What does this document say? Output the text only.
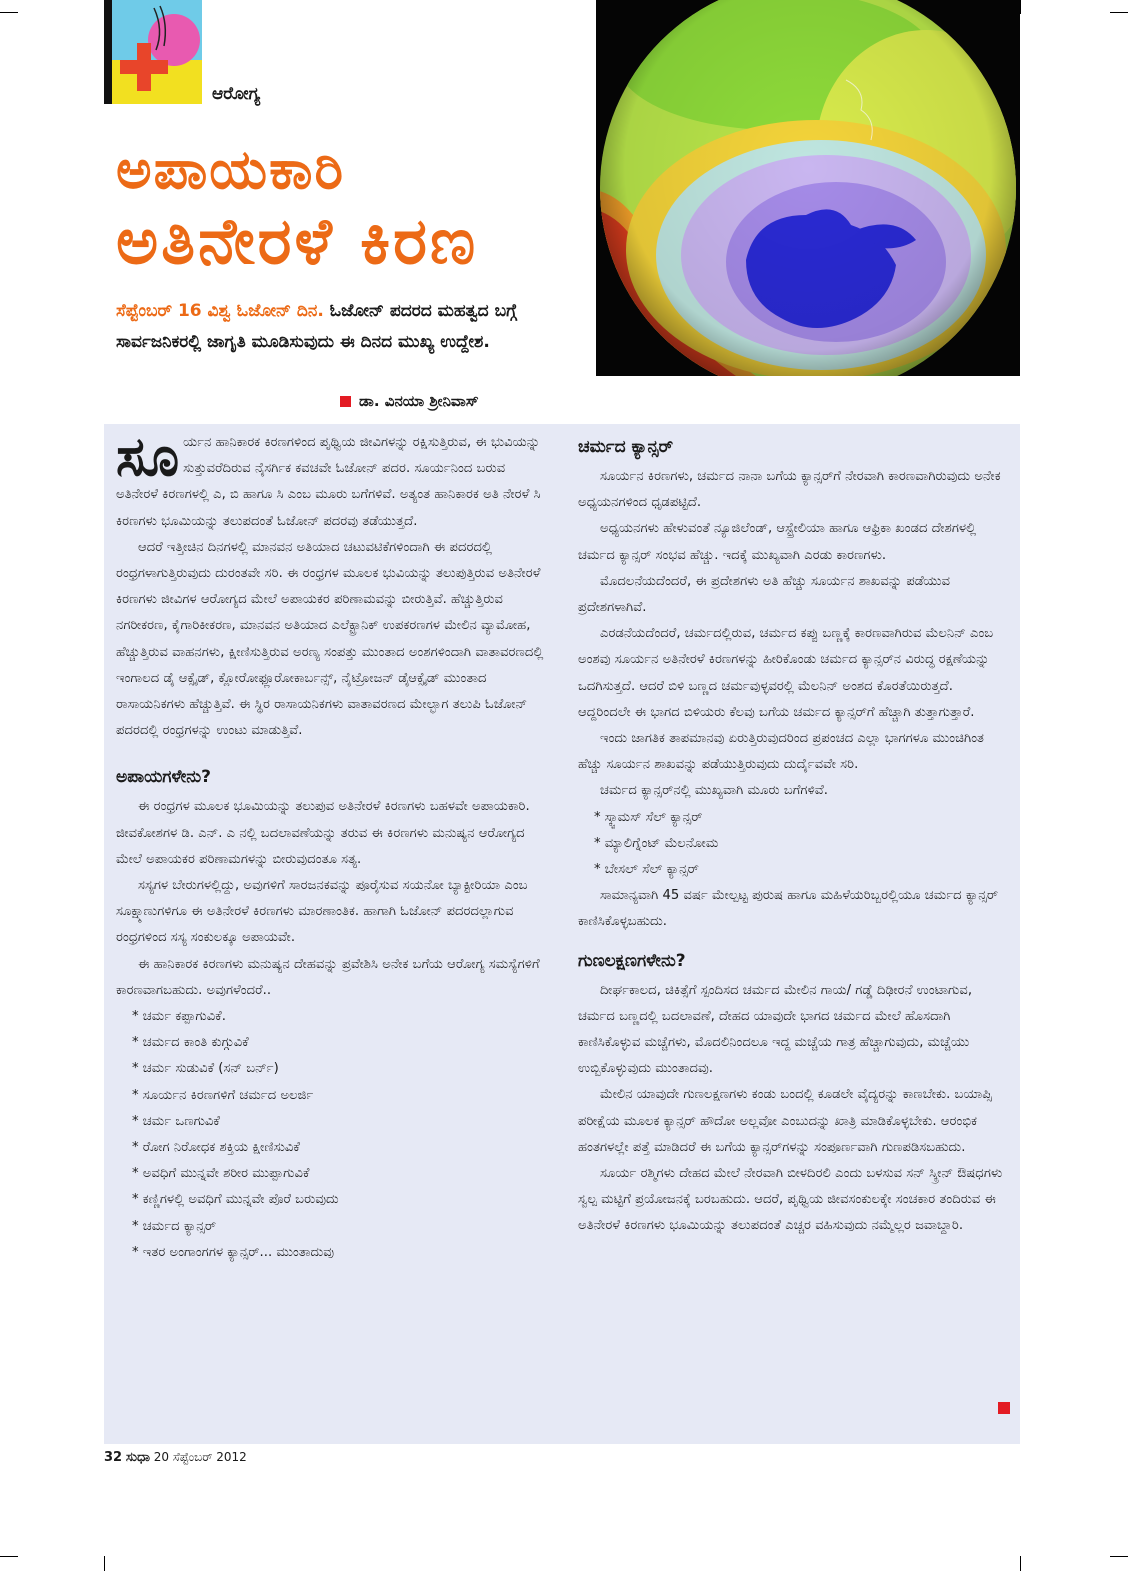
ಆರೋಗ್ಯ
ಅಪಾಯಕಾರಿ
ಅತಿನೇರಳೆ ಕಿರಣ
ಸೆಪ್ಟೆಂಬರ್ 16 ವಿಶ್ವ ಓಜೋನ್ ದಿನ. ಓಜೋನ್ ಪದರದ ಮಹತ್ವದ ಬಗ್ಗೆ ಸಾರ್ವಜನಿಕರಲ್ಲಿ ಜಾಗೃತಿ ಮೂಡಿಸುವುದು ಈ ದಿನದ ಮುಖ್ಯ ಉದ್ದೇಶ.
ಡಾ. ವಿನಯಾ ಶ್ರೀನಿವಾಸ್

ಸೂರ್ಯನ ಹಾನಿಕಾರಕ ಕಿರಣಗಳಿಂದ ಪೃಥ್ವಿಯ ಜೀವಿಗಳನ್ನು ರಕ್ಷಿಸುತ್ತಿರುವ, ಈ ಭುವಿಯನ್ನು ಸುತ್ತುವರೆದಿರುವ ನೈಸರ್ಗಿಕ ಕವಚವೇ ಓಜೋನ್ ಪದರ. ಸೂರ್ಯನಿಂದ ಬರುವ ಅತಿನೇರಳೆ ಕಿರಣಗಳಲ್ಲಿ ಎ, ಬಿ ಹಾಗೂ ಸಿ ಎಂಬ ಮೂರು ಬಗೆಗಳಿವೆ. ಅತ್ಯಂತ ಹಾನಿಕಾರಕ ಅತಿ ನೇರಳೆ ಸಿ ಕಿರಣಗಳು ಭೂಮಿಯನ್ನು ತಲುಪದಂತೆ ಓಜೋನ್ ಪದರವು ತಡೆಯುತ್ತದೆ.

ಆದರೆ ಇತ್ತೀಚಿನ ದಿನಗಳಲ್ಲಿ ಮಾನವನ ಅತಿಯಾದ ಚಟುವಟಿಕೆಗಳಿಂದಾಗಿ ಈ ಪದರದಲ್ಲಿ ರಂಧ್ರಗಳಾಗುತ್ತಿರುವುದು ದುರಂತವೇ ಸರಿ. ಈ ರಂಧ್ರಗಳ ಮೂಲಕ ಭುವಿಯನ್ನು ತಲುಪುತ್ತಿರುವ ಅತಿನೇರಳೆ ಕಿರಣಗಳು ಜೀವಿಗಳ ಆರೋಗ್ಯದ ಮೇಲೆ ಅಪಾಯಕರ ಪರಿಣಾಮವನ್ನು ಬೀರುತ್ತಿವೆ. ಹೆಚ್ಚುತ್ತಿರುವ ನಗರೀಕರಣ, ಕೈಗಾರಿಕೀಕರಣ, ಮಾನವನ ಅತಿಯಾದ ಎಲೆಕ್ಟ್ರಾನಿಕ್ ಉಪಕರಣಗಳ ಮೇಲಿನ ವ್ಯಾಮೋಹ, ಹೆಚ್ಚುತ್ತಿರುವ ವಾಹನಗಳು, ಕ್ಷೀಣಿಸುತ್ತಿರುವ ಅರಣ್ಯ ಸಂಪತ್ತು ಮುಂತಾದ ಅಂಶಗಳಿಂದಾಗಿ ವಾತಾವರಣದಲ್ಲಿ ಇಂಗಾಲದ ಡೈ ಆಕ್ಸೈಡ್, ಕ್ಲೋರೋಫ್ಲೂರೋಕಾರ್ಬನ್ಸ್, ನೈಟ್ರೋಜನ್ ಡೈಆಕ್ಸೈಡ್ ಮುಂತಾದ ರಾಸಾಯನಿಕಗಳು ಹೆಚ್ಚುತ್ತಿವೆ. ಈ ಸ್ಥಿರ ರಾಸಾಯನಿಕಗಳು ವಾತಾವರಣದ ಮೇಲ್ಭಾಗ ತಲುಪಿ ಓಜೋನ್ ಪದರದಲ್ಲಿ ರಂಧ್ರಗಳನ್ನು ಉಂಟು ಮಾಡುತ್ತಿವೆ.

ಅಪಾಯಗಳೇನು?

ಈ ರಂಧ್ರಗಳ ಮೂಲಕ ಭೂಮಿಯನ್ನು ತಲುಪುವ ಅತಿನೇರಳೆ ಕಿರಣಗಳು ಬಹಳವೇ ಅಪಾಯಕಾರಿ. ಜೀವಕೋಶಗಳ ಡಿ. ಎನ್. ಎ ನಲ್ಲಿ ಬದಲಾವಣೆಯನ್ನು ತರುವ ಈ ಕಿರಣಗಳು ಮನುಷ್ಯನ ಆರೋಗ್ಯದ ಮೇಲೆ ಅಪಾಯಕರ ಪರಿಣಾಮಗಳನ್ನು ಬೀರುವುದಂತೂ ಸತ್ಯ.

ಸಸ್ಯಗಳ ಬೇರುಗಳಲ್ಲಿದ್ದು, ಅವುಗಳಿಗೆ ಸಾರಜನಕವನ್ನು ಪೂರೈಸುವ ಸಯನೋ ಬ್ಯಾಕ್ಟೀರಿಯಾ ಎಂಬ ಸೂಕ್ಷ್ಮಾಣುಗಳಿಗೂ ಈ ಅತಿನೇರಳೆ ಕಿರಣಗಳು ಮಾರಣಾಂತಿಕ. ಹಾಗಾಗಿ ಓಜೋನ್ ಪದರದಲ್ಲಾಗುವ ರಂಧ್ರಗಳಿಂದ ಸಸ್ಯ ಸಂಕುಲಕ್ಕೂ ಅಪಾಯವೇ.

ಈ ಹಾನಿಕಾರಕ ಕಿರಣಗಳು ಮನುಷ್ಯನ ದೇಹವನ್ನು ಪ್ರವೇಶಿಸಿ ಅನೇಕ ಬಗೆಯ ಆರೋಗ್ಯ ಸಮಸ್ಯೆಗಳಿಗೆ ಕಾರಣವಾಗಬಹುದು. ಅವುಗಳೆಂದರೆ..

* ಚರ್ಮ ಕಪ್ಪಾಗುವಿಕೆ.

* ಚರ್ಮದ ಕಾಂತಿ ಕುಗ್ಗುವಿಕೆ

* ಚರ್ಮ ಸುಡುವಿಕೆ (ಸನ್ ಬರ್ನ್)

* ಸೂರ್ಯನ ಕಿರಣಗಳಿಗೆ ಚರ್ಮದ ಅಲರ್ಜಿ

* ಚರ್ಮ ಒಣಗುವಿಕೆ

* ರೋಗ ನಿರೋಧಕ ಶಕ್ತಿಯ ಕ್ಷೀಣಿಸುವಿಕೆ

* ಅವಧಿಗೆ ಮುನ್ನವೇ ಶರೀರ ಮುಪ್ಪಾಗುವಿಕೆ

* ಕಣ್ಣಿಗಳಲ್ಲಿ ಅವಧಿಗೆ ಮುನ್ನವೇ ಪೊರೆ ಬರುವುದು

* ಚರ್ಮದ ಕ್ಯಾನ್ಸರ್

* ಇತರ ಅಂಗಾಂಗಗಳ ಕ್ಯಾನ್ಸರ್... ಮುಂತಾದುವು

ಚರ್ಮದ ಕ್ಯಾನ್ಸರ್

ಸೂರ್ಯನ ಕಿರಣಗಳು, ಚರ್ಮದ ನಾನಾ ಬಗೆಯ ಕ್ಯಾನ್ಸರ್‌ಗೆ ನೇರವಾಗಿ ಕಾರಣವಾಗಿರುವುದು ಅನೇಕ ಅಧ್ಯಯನಗಳಿಂದ ಧೃಡಪಟ್ಟಿದೆ.

ಅಧ್ಯಯನಗಳು ಹೇಳುವಂತೆ ನ್ಯೂಜಿಲೆಂಡ್, ಆಸ್ಟ್ರೇಲಿಯಾ ಹಾಗೂ ಆಫ್ರಿಕಾ ಖಂಡದ ದೇಶಗಳಲ್ಲಿ ಚರ್ಮದ ಕ್ಯಾನ್ಸರ್ ಸಂಭವ ಹೆಚ್ಚು. ಇದಕ್ಕೆ ಮುಖ್ಯವಾಗಿ ಎರಡು ಕಾರಣಗಳು.

ಮೊದಲನೆಯದೆಂದರೆ, ಈ ಪ್ರದೇಶಗಳು ಅತಿ ಹೆಚ್ಚು ಸೂರ್ಯನ ಶಾಖವನ್ನು ಪಡೆಯುವ ಪ್ರದೇಶಗಳಾಗಿವೆ.

ಎರಡನೆಯದೆಂದರೆ, ಚರ್ಮದಲ್ಲಿರುವ, ಚರ್ಮದ ಕಪ್ಪು ಬಣ್ಣಕ್ಕೆ ಕಾರಣವಾಗಿರುವ ಮೆಲನಿನ್ ಎಂಬ ಅಂಶವು ಸೂರ್ಯನ ಅತಿನೇರಳೆ ಕಿರಣಗಳನ್ನು ಹೀರಿಕೊಂಡು ಚರ್ಮದ ಕ್ಯಾನ್ಸರ್‌ನ ವಿರುದ್ಧ ರಕ್ಷಣೆಯನ್ನು ಒದಗಿಸುತ್ತದೆ. ಆದರೆ ಬಿಳಿ ಬಣ್ಣದ ಚರ್ಮವುಳ್ಳವರಲ್ಲಿ ಮೆಲನಿನ್ ಅಂಶದ ಕೊರತೆಯಿರುತ್ತದೆ. ಆದ್ದರಿಂದಲೇ ಈ ಭಾಗದ ಬಿಳಿಯರು ಕೆಲವು ಬಗೆಯ ಚರ್ಮದ ಕ್ಯಾನ್ಸರ್‌ಗೆ ಹೆಚ್ಚಾಗಿ ತುತ್ತಾಗುತ್ತಾರೆ.

ಇಂದು ಜಾಗತಿಕ ತಾಪಮಾನವು ಏರುತ್ತಿರುವುದರಿಂದ ಪ್ರಪಂಚದ ಎಲ್ಲಾ ಭಾಗಗಳೂ ಮುಂಚಿಗಿಂತ ಹೆಚ್ಚು ಸೂರ್ಯನ ಶಾಖವನ್ನು ಪಡೆಯುತ್ತಿರುವುದು ದುರ್ದೈವವೇ ಸರಿ.

ಚರ್ಮದ ಕ್ಯಾನ್ಸರ್‌ನಲ್ಲಿ ಮುಖ್ಯವಾಗಿ ಮೂರು ಬಗೆಗಳಿವೆ.

* ಸ್ಕ್ವಾಮಸ್ ಸೆಲ್ ಕ್ಯಾನ್ಸರ್

* ಮ್ಯಾಲಿಗ್ನೆಂಟ್ ಮೆಲನೋಮ

* ಬೇಸಲ್ ಸೆಲ್ ಕ್ಯಾನ್ಸರ್

ಸಾಮಾನ್ಯವಾಗಿ 45 ವರ್ಷ ಮೇಲ್ಪಟ್ಟ ಪುರುಷ ಹಾಗೂ ಮಹಿಳೆಯರಿಬ್ಬರಲ್ಲಿಯೂ ಚರ್ಮದ ಕ್ಯಾನ್ಸರ್ ಕಾಣಿಸಿಕೊಳ್ಳಬಹುದು.

ಗುಣಲಕ್ಷಣಗಳೇನು?

ದೀರ್ಘಕಾಲದ, ಚಿಕಿತ್ಸೆಗೆ ಸ್ಪಂದಿಸದ ಚರ್ಮದ ಮೇಲಿನ ಗಾಯ/ ಗಡ್ಡೆ ದಿಢೀರನೆ ಉಂಟಾಗುವ, ಚರ್ಮದ ಬಣ್ಣದಲ್ಲಿ ಬದಲಾವಣೆ, ದೇಹದ ಯಾವುದೇ ಭಾಗದ ಚರ್ಮದ ಮೇಲೆ ಹೊಸದಾಗಿ ಕಾಣಿಸಿಕೊಳ್ಳುವ ಮಚ್ಚೆಗಳು, ಮೊದಲಿನಿಂದಲೂ ಇದ್ದ ಮಚ್ಚೆಯ ಗಾತ್ರ ಹೆಚ್ಚಾಗುವುದು, ಮಚ್ಚೆಯು ಉಬ್ಬಿಕೊಳ್ಳುವುದು ಮುಂತಾದವು.

ಮೇಲಿನ ಯಾವುದೇ ಗುಣಲಕ್ಷಣಗಳು ಕಂಡು ಬಂದಲ್ಲಿ ಕೂಡಲೇ ವೈದ್ಯರನ್ನು ಕಾಣಬೇಕು. ಬಯಾಪ್ಸಿ ಪರೀಕ್ಷೆಯ ಮೂಲಕ ಕ್ಯಾನ್ಸರ್ ಹೌದೋ ಅಲ್ಲವೋ ಎಂಬುದನ್ನು ಖಾತ್ರಿ ಮಾಡಿಕೊಳ್ಳಬೇಕು. ಆರಂಭಿಕ ಹಂತಗಳಲ್ಲೇ ಪತ್ತೆ ಮಾಡಿದರೆ ಈ ಬಗೆಯ ಕ್ಯಾನ್ಸರ್‌ಗಳನ್ನು ಸಂಪೂರ್ಣವಾಗಿ ಗುಣಪಡಿಸಬಹುದು.

ಸೂರ್ಯ ರಶ್ಮಿಗಳು ದೇಹದ ಮೇಲೆ ನೇರವಾಗಿ ಬೀಳದಿರಲಿ ಎಂದು ಬಳಸುವ ಸನ್ ಸ್ಕ್ರೀನ್ ಔಷಧಗಳು ಸ್ವಲ್ಪ ಮಟ್ಟಿಗೆ ಪ್ರಯೋಜನಕ್ಕೆ ಬರಬಹುದು. ಆದರೆ, ಪೃಥ್ವಿಯ ಜೀವಸಂಕುಲಕ್ಕೇ ಸಂಚಕಾರ ತಂದಿರುವ ಈ ಅತಿನೇರಳೆ ಕಿರಣಗಳು ಭೂಮಿಯನ್ನು ತಲುಪದಂತೆ ಎಚ್ಚರ ವಹಿಸುವುದು ನಮ್ಮೆಲ್ಲರ ಜವಾಬ್ದಾರಿ.

32 ಸುಧಾ 20 ಸೆಪ್ಟೆಂಬರ್ 2012
